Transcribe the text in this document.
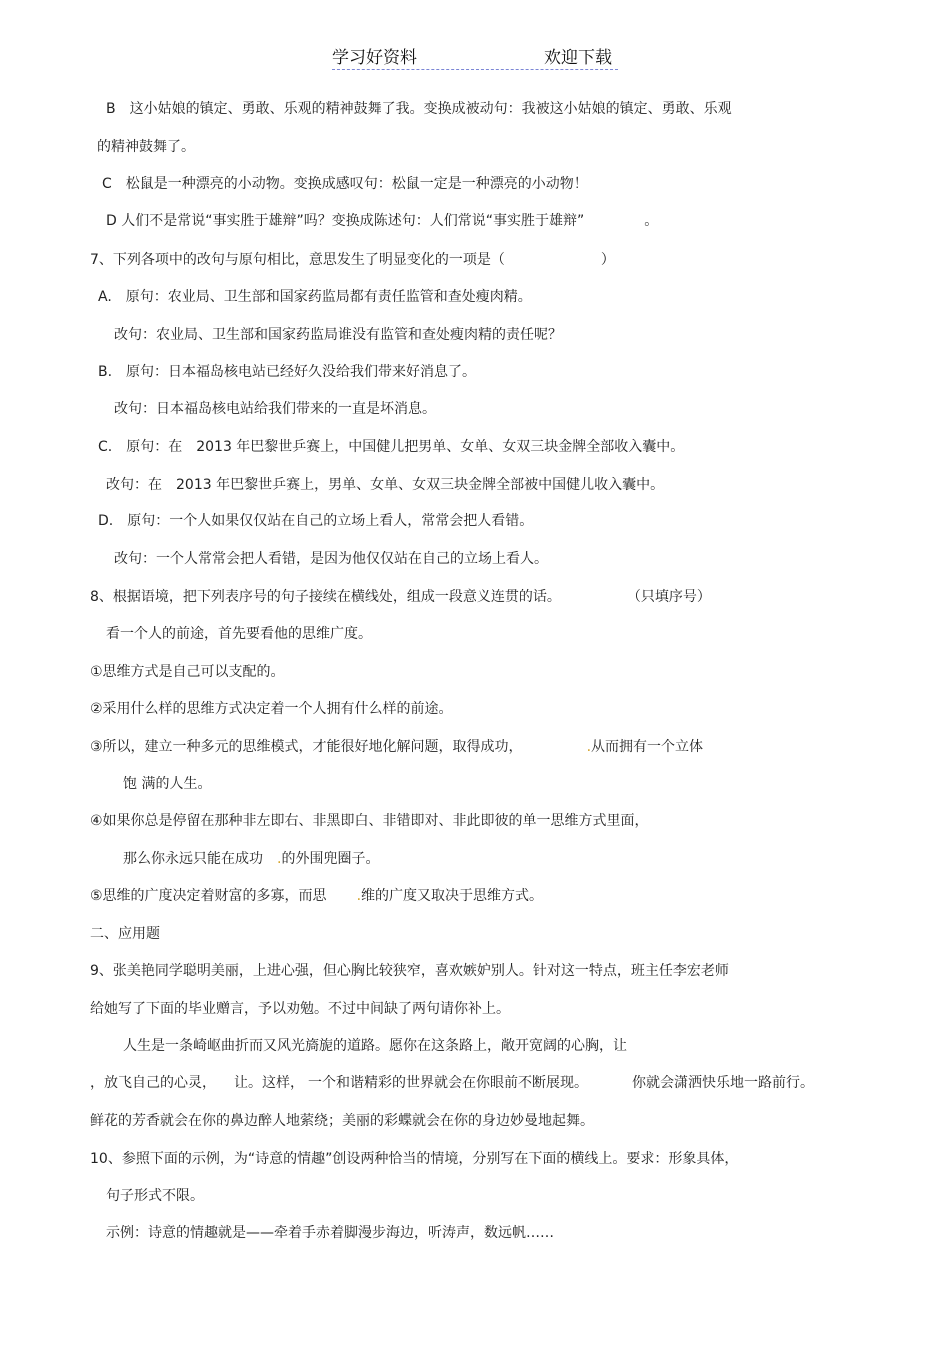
学习好资料	欢迎下载
B　这小姑娘的镇定、勇敢、乐观的精神鼓舞了我。变换成被动句：我被这小姑娘的镇定、勇敢、乐观
的精神鼓舞了。
C　松鼠是一种漂亮的小动物。变换成感叹句：松鼠一定是一种漂亮的小动物！
D 人们不是常说“事实胜于雄辩”吗？变换成陈述句：人们常说“事实胜于雄辩”	。
7、下列各项中的改句与原句相比，意思发生了明显变化的一项是（	）
A.　原句：农业局、卫生部和国家药监局都有责任监管和查处瘦肉精。
改句：农业局、卫生部和国家药监局谁没有监管和查处瘦肉精的责任呢？
B.　原句：日本福岛核电站已经好久没给我们带来好消息了。
改句：日本福岛核电站给我们带来的一直是坏消息。
C.　原句：在　2013 年巴黎世乒赛上，中国健儿把男单、女单、女双三块金牌全部收入囊中。
改句：在　2013 年巴黎世乒赛上，男单、女单、女双三块金牌全部被中国健儿收入囊中。
D.　原句：一个人如果仅仅站在自己的立场上看人，常常会把人看错。
改句：一个人常常会把人看错，是因为他仅仅站在自己的立场上看人。
8、根据语境，把下列表序号的句子接续在横线处，组成一段意义连贯的话。	（只填序号）
看一个人的前途，首先要看他的思维广度。
①思维方式是自己可以支配的。
②采用什么样的思维方式决定着一个人拥有什么样的前途。
③所以，建立一种多元的思维模式，才能很好地化解问题，取得成功，	.从而拥有一个立体
饱 满的人生。
④如果你总是停留在那种非左即右、非黑即白、非错即对、非此即彼的单一思维方式里面，
那么你永远只能在成功 .的外围兜圈子。
⑤思维的广度决定着财富的多寡，而思 .维的广度又取决于思维方式。
二、应用题
9、张美艳同学聪明美丽，上进心强，但心胸比较狭窄，喜欢嫉妒别人。针对这一特点，班主任李宏老师
给她写了下面的毕业赠言，予以劝勉。不过中间缺了两句请你补上。
人生是一条崎岖曲折而又风光旖旎的道路。愿你在这条路上，敞开宽阔的心胸，让
，放飞自己的心灵， 让。这样， 一个和谐精彩的世界就会在你眼前不断展现。	你就会潇洒快乐地一路前行。
鲜花的芳香就会在你的鼻边醉人地萦绕；美丽的彩蝶就会在你的身边妙曼地起舞。
10、参照下面的示例，为“诗意的情趣”创设两种恰当的情境，分别写在下面的横线上。要求：形象具体，
句子形式不限。
示例：诗意的情趣就是——牵着手赤着脚漫步海边，听涛声，数远帆……
